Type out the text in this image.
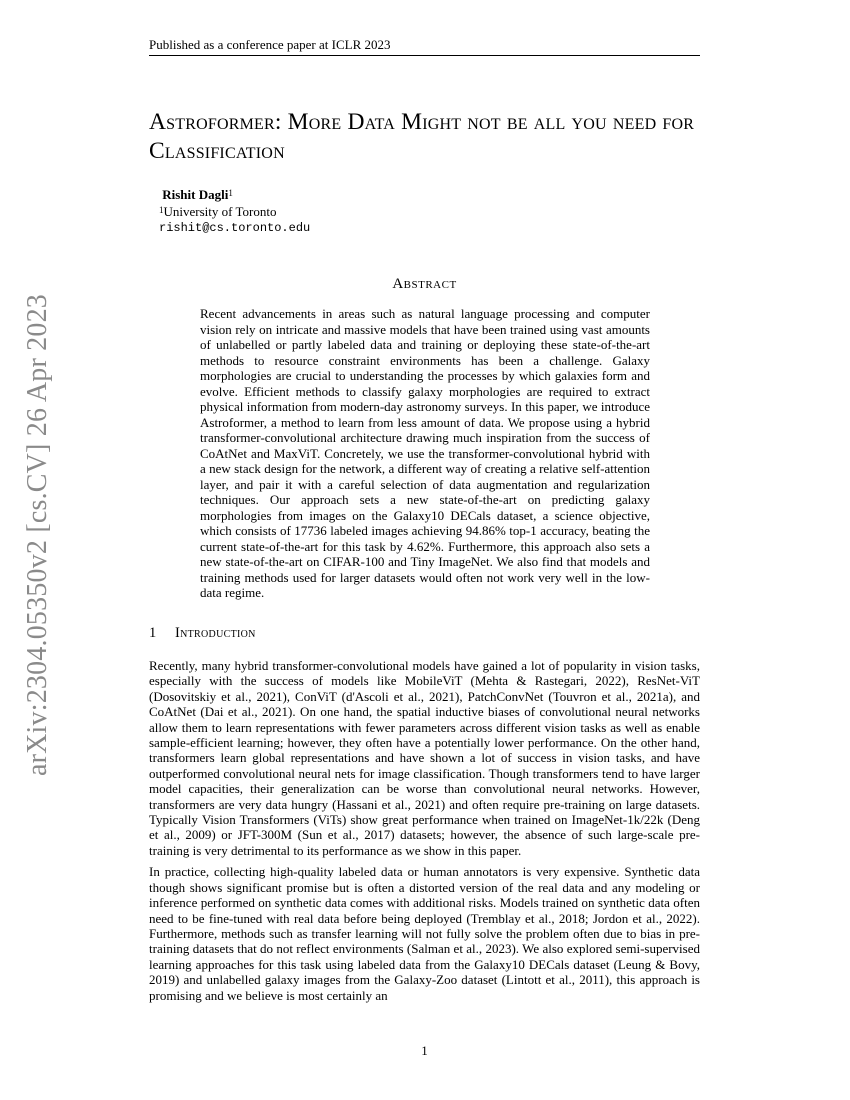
Published as a conference paper at ICLR 2023
arXiv:2304.05350v2 [cs.CV] 26 Apr 2023
Astroformer: More Data Might not be all you need for Classification
Rishit Dagli$^1$
$^1$University of Toronto
rishit@cs.toronto.edu
Abstract
Recent advancements in areas such as natural language processing and computer vision rely on intricate and massive models that have been trained using vast amounts of unlabelled or partly labeled data and training or deploying these state-of-the-art methods to resource constraint environments has been a challenge. Galaxy morphologies are crucial to understanding the processes by which galaxies form and evolve. Efficient methods to classify galaxy morphologies are required to extract physical information from modern-day astronomy surveys. In this paper, we introduce Astroformer, a method to learn from less amount of data. We propose using a hybrid transformer-convolutional architecture drawing much inspiration from the success of CoAtNet and MaxViT. Concretely, we use the transformer-convolutional hybrid with a new stack design for the network, a different way of creating a relative self-attention layer, and pair it with a careful selection of data augmentation and regularization techniques. Our approach sets a new state-of-the-art on predicting galaxy morphologies from images on the Galaxy10 DECals dataset, a science objective, which consists of 17736 labeled images achieving 94.86% top-1 accuracy, beating the current state-of-the-art for this task by 4.62%. Furthermore, this approach also sets a new state-of-the-art on CIFAR-100 and Tiny ImageNet. We also find that models and training methods used for larger datasets would often not work very well in the low-data regime.
1 Introduction

Recently, many hybrid transformer-convolutional models have gained a lot of popularity in vision tasks, especially with the success of models like MobileViT (Mehta & Rastegari, 2022), ResNet-ViT (Dosovitskiy et al., 2021), ConViT (d'Ascoli et al., 2021), PatchConvNet (Touvron et al., 2021a), and CoAtNet (Dai et al., 2021). On one hand, the spatial inductive biases of convolutional neural networks allow them to learn representations with fewer parameters across different vision tasks as well as enable sample-efficient learning; however, they often have a potentially lower performance. On the other hand, transformers learn global representations and have shown a lot of success in vision tasks, and have outperformed convolutional neural nets for image classification. Though transformers tend to have larger model capacities, their generalization can be worse than convolutional neural networks. However, transformers are very data hungry (Hassani et al., 2021) and often require pre-training on large datasets. Typically Vision Transformers (ViTs) show great performance when trained on ImageNet-1k/22k (Deng et al., 2009) or JFT-300M (Sun et al., 2017) datasets; however, the absence of such large-scale pre-training is very detrimental to its performance as we show in this paper.

In practice, collecting high-quality labeled data or human annotators is very expensive. Synthetic data though shows significant promise but is often a distorted version of the real data and any modeling or inference performed on synthetic data comes with additional risks. Models trained on synthetic data often need to be fine-tuned with real data before being deployed (Tremblay et al., 2018; Jordon et al., 2022). Furthermore, methods such as transfer learning will not fully solve the problem often due to bias in pre-training datasets that do not reflect environments (Salman et al., 2023). We also explored semi-supervised learning approaches for this task using labeled data from the Galaxy10 DECals dataset (Leung & Bovy, 2019) and unlabelled galaxy images from the Galaxy-Zoo dataset (Lintott et al., 2011), this approach is promising and we believe is most certainly an

1
